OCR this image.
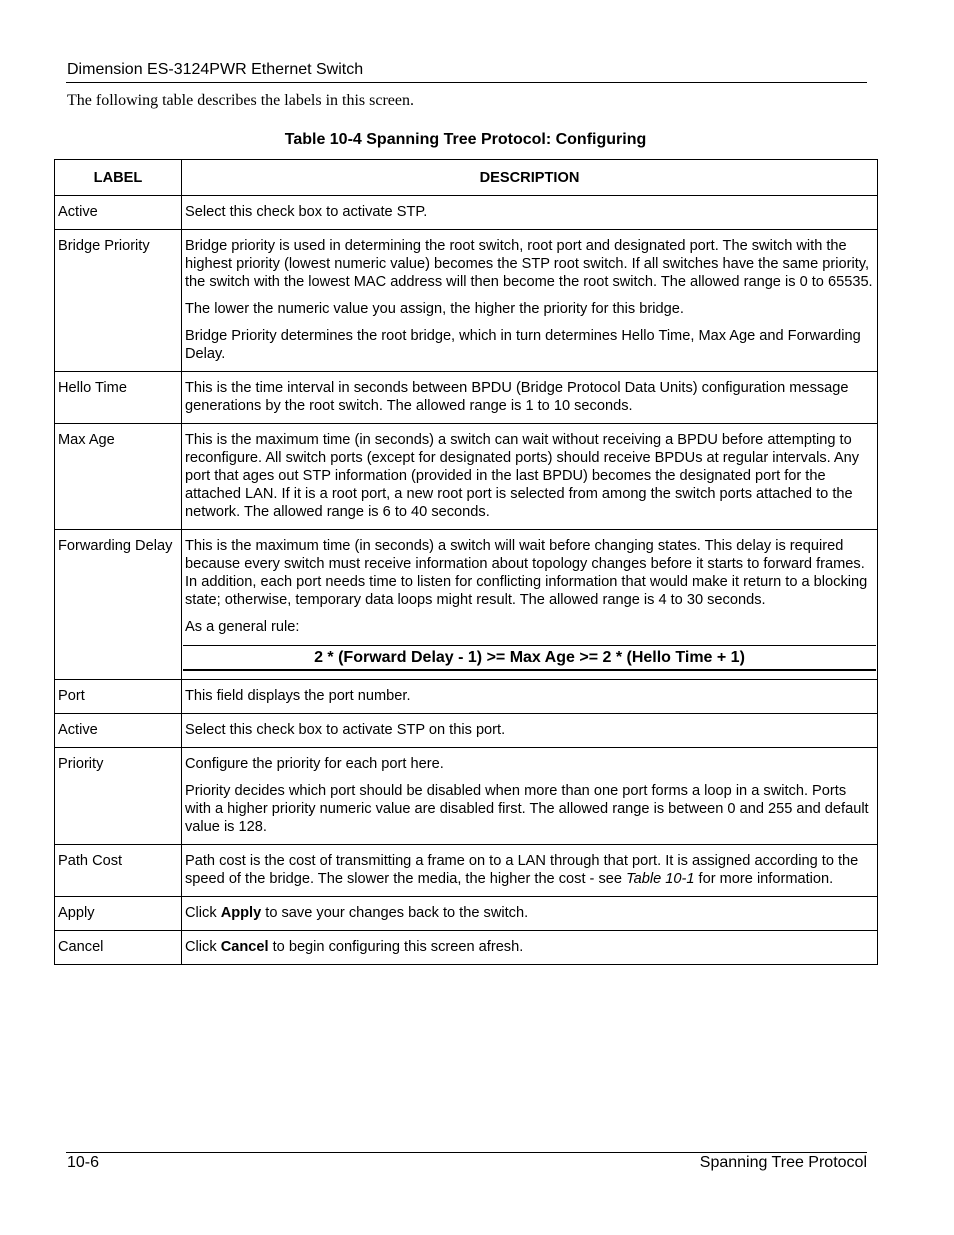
Dimension ES-3124PWR Ethernet Switch
The following table describes the labels in this screen.
Table 10-4 Spanning Tree Protocol: Configuring
LABEL	DESCRIPTION
Active	Select this check box to activate STP.

Bridge Priority	Bridge priority is used in determining the root switch, root port and designated port. The switch with the highest priority (lowest numeric value) becomes the STP root switch. If all switches have the same priority, the switch with the lowest MAC address will then become the root switch. The allowed range is 0 to 65535.

The lower the numeric value you assign, the higher the priority for this bridge.

Bridge Priority determines the root bridge, which in turn determines Hello Time, Max Age and Forwarding Delay.

Hello Time	This is the time interval in seconds between BPDU (Bridge Protocol Data Units) configuration message generations by the root switch. The allowed range is 1 to 10 seconds.

Max Age	This is the maximum time (in seconds) a switch can wait without receiving a BPDU before attempting to reconfigure. All switch ports (except for designated ports) should receive BPDUs at regular intervals. Any port that ages out STP information (provided in the last BPDU) becomes the designated port for the attached LAN. If it is a root port, a new root port is selected from among the switch ports attached to the network. The allowed range is 6 to 40 seconds.

Forwarding Delay	This is the maximum time (in seconds) a switch will wait before changing states. This delay is required because every switch must receive information about topology changes before it starts to forward frames. In addition, each port needs time to listen for conflicting information that would make it return to a blocking state; otherwise, temporary data loops might result. The allowed range is 4 to 30 seconds.

As a general rule:

2 * (Forward Delay - 1) >= Max Age >= 2 * (Hello Time + 1)

Port	This field displays the port number.

Active	Select this check box to activate STP on this port.

Priority	Configure the priority for each port here.

Priority decides which port should be disabled when more than one port forms a loop in a switch. Ports with a higher priority numeric value are disabled first. The allowed range is between 0 and 255 and default value is 128.

Path Cost	Path cost is the cost of transmitting a frame on to a LAN through that port. It is assigned according to the speed of the bridge. The slower the media, the higher the cost - see Table 10-1 for more information.

Apply	Click Apply to save your changes back to the switch.

Cancel	Click Cancel to begin configuring this screen afresh.

10-6	Spanning Tree Protocol
